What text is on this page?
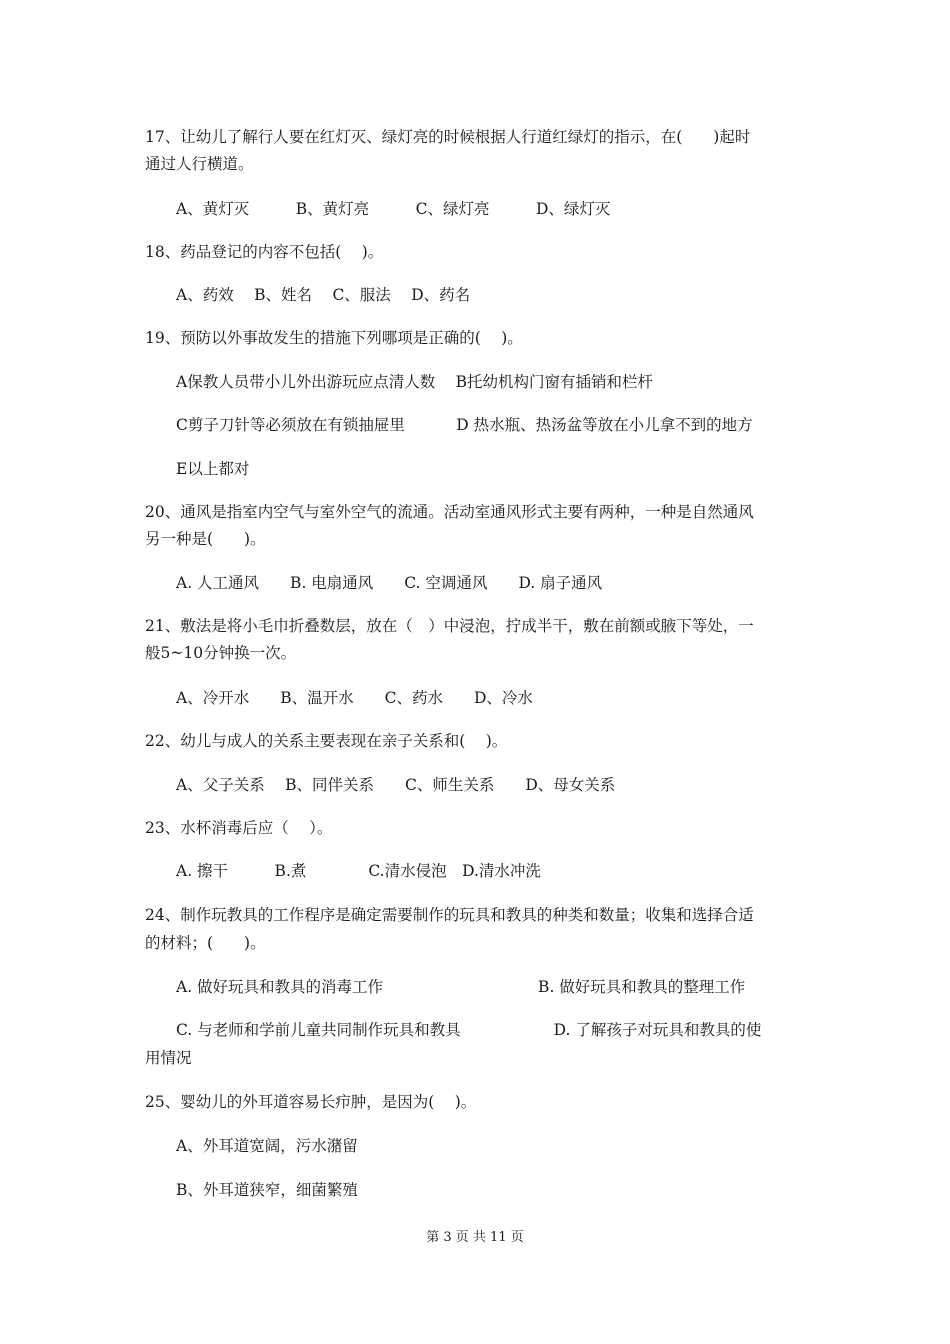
17、让幼儿了解行人要在红灯灭、绿灯亮的时候根据人行道红绿灯的指示，在(　　)起时
通过人行横道。
A、黄灯灭　　　B、黄灯亮　　　C、绿灯亮　　　D、绿灯灭
18、药品登记的内容不包括(　 )。
A、药效　 B、姓名　 C、服法　 D、药名
19、预防以外事故发生的措施下列哪项是正确的(　 )。
A保教人员带小儿外出游玩应点清人数　 B托幼机构门窗有插销和栏杆
C剪子刀针等必须放在有锁抽屉里　　　 D 热水瓶、热汤盆等放在小儿拿不到的地方
E以上都对
20、通风是指室内空气与室外空气的流通。活动室通风形式主要有两种，一种是自然通风
另一种是(　　)。
A. 人工通风　　B. 电扇通风　　C. 空调通风　　D. 扇子通风
21、敷法是将小毛巾折叠数层，放在（　）中浸泡，拧成半干，敷在前额或腋下等处，一
般5~10分钟换一次。
A、冷开水　　B、温开水　　C、药水　　D、冷水
22、幼儿与成人的关系主要表现在亲子关系和(　 )。
A、父子关系　 B、同伴关系　　C、师生关系　　D、母女关系
23、水杯消毒后应（　 ）。
A. 擦干　　　B.煮　　　　C.清水侵泡　D.清水冲洗
24、制作玩教具的工作程序是确定需要制作的玩具和教具的种类和数量；收集和选择合适
的材料；(　　)。
A. 做好玩具和教具的消毒工作　　　　　　　　　　B. 做好玩具和教具的整理工作
C. 与老师和学前儿童共同制作玩具和教具　　　　　　D. 了解孩子对玩具和教具的使
用情况
25、婴幼儿的外耳道容易长疖肿，是因为(　 )。
A、外耳道宽阔，污水潴留
B、外耳道狭窄，细菌繁殖
第 3 页 共 11 页
